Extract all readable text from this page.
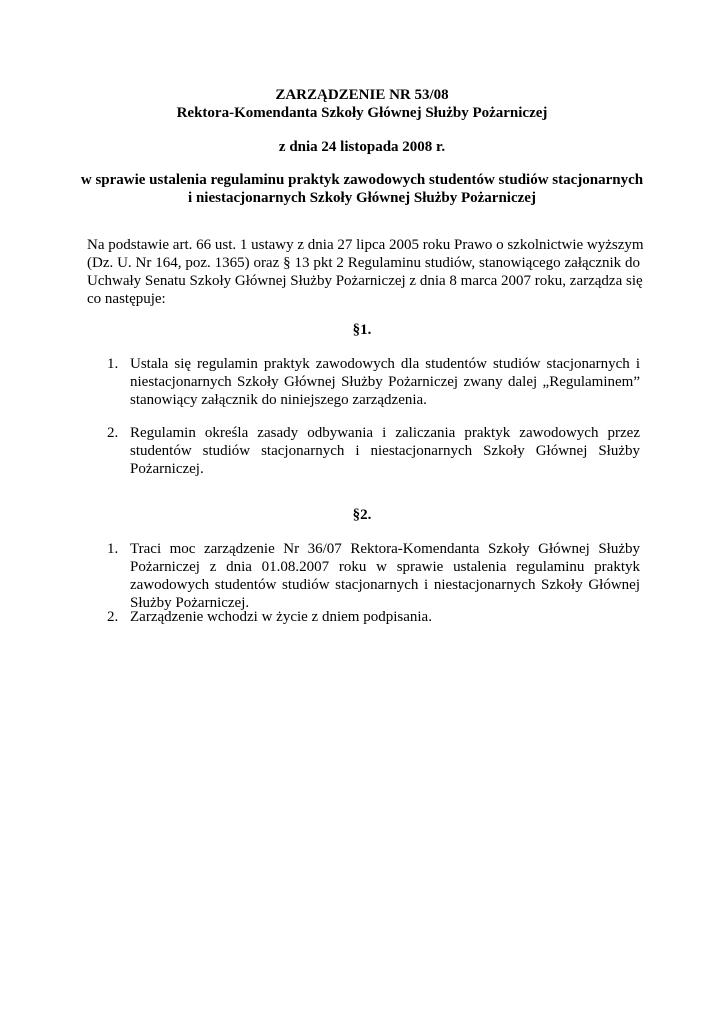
ZARZĄDZENIE NR 53/08
Rektora-Komendanta Szkoły Głównej Służby Pożarniczej
z dnia 24 listopada 2008 r.
w sprawie ustalenia regulaminu praktyk zawodowych studentów studiów stacjonarnych
i niestacjonarnych Szkoły Głównej Służby Pożarniczej
Na podstawie art. 66 ust. 1 ustawy z dnia 27 lipca 2005 roku Prawo o szkolnictwie wyższym
(Dz. U. Nr 164, poz. 1365) oraz § 13 pkt 2 Regulaminu studiów, stanowiącego załącznik do
Uchwały Senatu Szkoły Głównej Służby Pożarniczej z dnia 8 marca 2007 roku, zarządza się
co następuje:
§1.
1. Ustala się regulamin praktyk zawodowych dla studentów studiów stacjonarnych i
niestacjonarnych Szkoły Głównej Służby Pożarniczej zwany dalej „Regulaminem”
stanowiący załącznik do niniejszego zarządzenia.
2. Regulamin określa zasady odbywania i zaliczania praktyk zawodowych przez
studentów studiów stacjonarnych i niestacjonarnych Szkoły Głównej Służby
Pożarniczej.
§2.
1. Traci moc zarządzenie Nr 36/07 Rektora-Komendanta Szkoły Głównej Służby
Pożarniczej z dnia 01.08.2007 roku w sprawie ustalenia regulaminu praktyk
zawodowych studentów studiów stacjonarnych i niestacjonarnych Szkoły Głównej
Służby Pożarniczej.
2. Zarządzenie wchodzi w życie z dniem podpisania.
